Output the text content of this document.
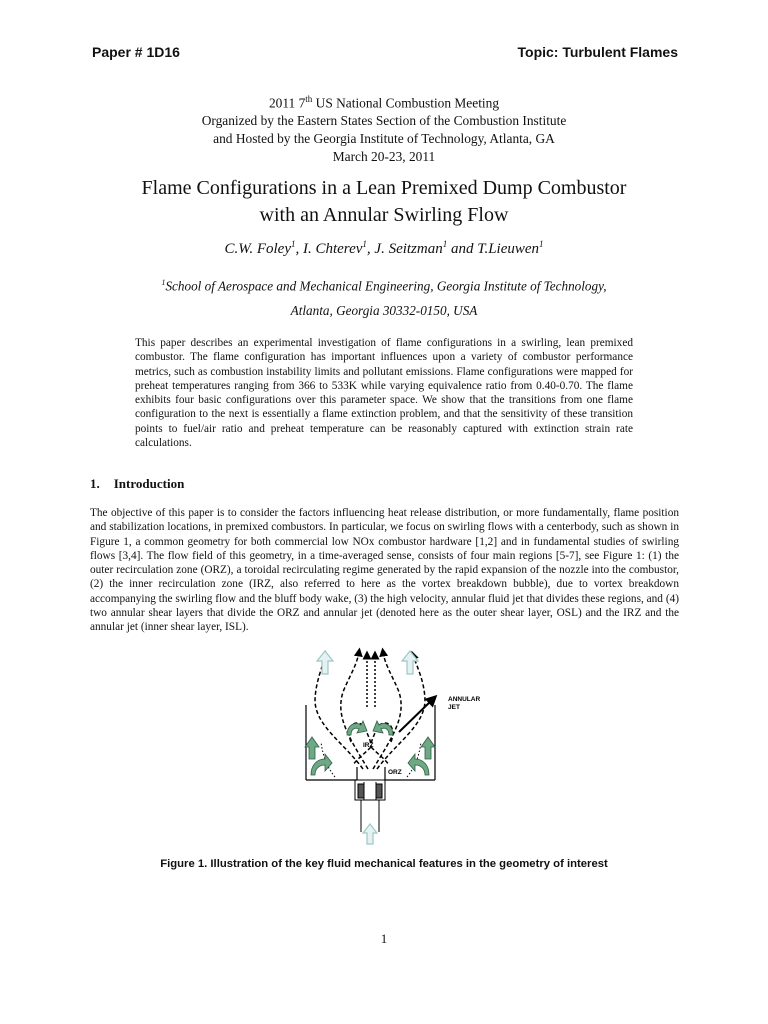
Paper # 1D16	Topic: Turbulent Flames
2011 7th US National Combustion Meeting
Organized by the Eastern States Section of the Combustion Institute
and Hosted by the Georgia Institute of Technology, Atlanta, GA
March 20-23, 2011
Flame Configurations in a Lean Premixed Dump Combustor
with an Annular Swirling Flow
C.W. Foley$^1$, I. Chterev$^1$, J. Seitzman$^1$ and T.Lieuwen$^1$
$^1$School of Aerospace and Mechanical Engineering, Georgia Institute of Technology,
Atlanta, Georgia 30332-0150, USA

This paper describes an experimental investigation of flame configurations in a swirling, lean premixed combustor. The flame configuration has important influences upon a variety of combustor performance metrics, such as combustion instability limits and pollutant emissions. Flame configurations were mapped for preheat temperatures ranging from 366 to 533K while varying equivalence ratio from 0.40-0.70. The flame exhibits four basic configurations over this parameter space. We show that the transitions from one flame configuration to the next is essentially a flame extinction problem, and that the sensitivity of these transition points to fuel/air ratio and preheat temperature can be reasonably captured with extinction strain rate calculations.

1. Introduction

The objective of this paper is to consider the factors influencing heat release distribution, or more fundamentally, flame position and stabilization locations, in premixed combustors. In particular, we focus on swirling flows with a centerbody, such as shown in Figure 1, a common geometry for both commercial low NOx combustor hardware [1,2] and in fundamental studies of swirling flows [3,4]. The flow field of this geometry, in a time-averaged sense, consists of four main regions [5-7], see Figure 1: (1) the outer recirculation zone (ORZ), a toroidal recirculating regime generated by the rapid expansion of the nozzle into the combustor, (2) the inner recirculation zone (IRZ, also referred to here as the vortex breakdown bubble), due to vortex breakdown accompanying the swirling flow and the bluff body wake, (3) the high velocity, annular fluid jet that divides these regions, and (4) two annular shear layers that divide the ORZ and annular jet (denoted here as the outer shear layer, OSL) and the IRZ and the annular jet (inner shear layer, ISL).

ANNULAR
JET
IRZ
ORZ
Figure 1. Illustration of the key fluid mechanical features in the geometry of interest
1
